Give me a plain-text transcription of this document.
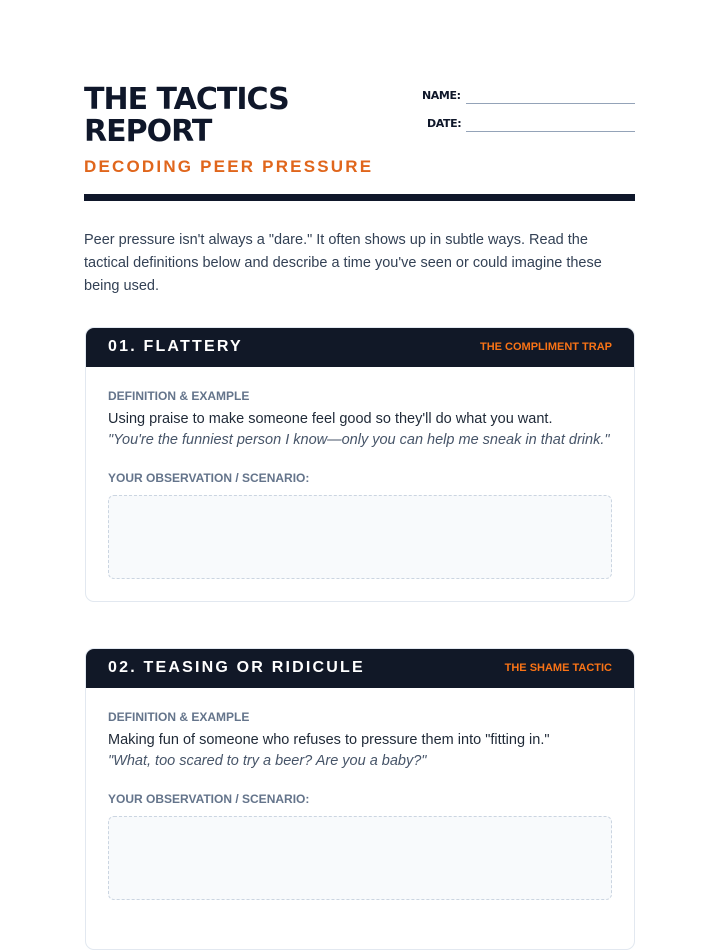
THE TACTICS REPORT
DECODING PEER PRESSURE
NAME:
DATE:

Peer pressure isn't always a "dare." It often shows up in subtle ways. Read the tactical definitions below and describe a time you've seen or could imagine these being used.

01. FLATTERY	THE COMPLIMENT TRAP

DEFINITION & EXAMPLE

Using praise to make someone feel good so they'll do what you want.

"You're the funniest person I know—only you can help me sneak in that drink."

YOUR OBSERVATION / SCENARIO:

02. TEASING OR RIDICULE	THE SHAME TACTIC

DEFINITION & EXAMPLE

Making fun of someone who refuses to pressure them into "fitting in."

"What, too scared to try a beer? Are you a baby?"

YOUR OBSERVATION / SCENARIO:
